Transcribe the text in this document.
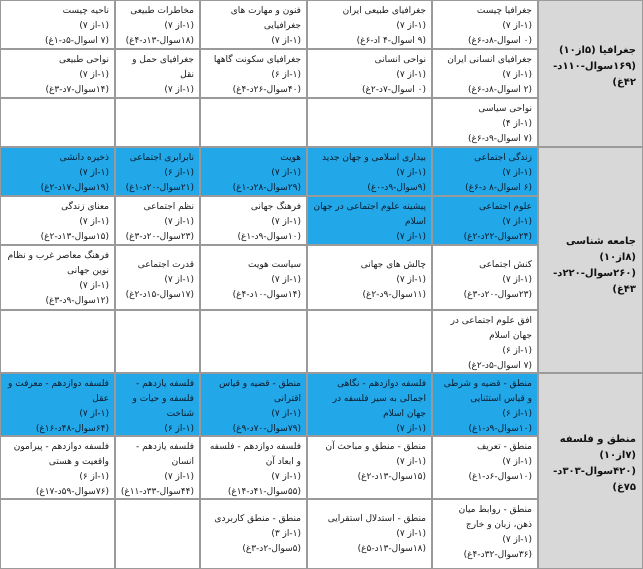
جغرافیا (۵از۱۰)
(۱۶۹سوال-۱۱۰د-
۴۲غ)
جامعه شناسی (۸از۱۰)
(۲۶۰سوال-۲۲۰د-
۴۳غ)
منطق و فلسفه (۷از۱۰)
(۴۲۰سوال-۳۰۳د-
۷۵غ)
جغرافیا چیست
(۱-از ۷)
(۰ اسوال-۸د-۶غ)
جغرافیای طبیعی ایران
(۱-از ۷)
(۹ اسوال-۴ اد-۶غ)
فنون و مهارت های جغرافیایی
(۱-از ۷)
مخاطرات طبیعی
(۱-از ۷)
(۱۸سوال-۱۳د-۴غ)
ناحیه چیست
(۱-از ۷)
(۷ اسوال-۵د-۱غ)
جغرافیای انسانی ایران
(۱-از ۷)
(۲ اسوال-۸د-۶غ)
نواحی انسانی
(۱-از ۷)
(۰ اسوال-۷د-۲غ)
جغرافیای سکونت گاهها
(۱-از ۶)
(۴۰سوال-۲۶د-۴غ)
جغرافیای حمل و نقل
(۱-از ۷)
نواحی طبیعی
(۱-از ۷)
(۱۴سوال-۷د-۳غ)
نواحی سیاسی
(۱-از ۴)
(۷ اسوال-۹د-۶غ)
زندگی اجتماعی
(۱-از ۷)
(۶ اسوال-۸ د-۶غ)
بیداری اسلامی و جهان جدید
(۱-از ۷)
(۹سوال-۹د-۰غ)
هویت
(۱-از ۷)
(۲۹سوال-۲۸د-۱غ)
نابرابری اجتماعی
(۱-از ۶)
(۲۱سوال-۲۰د-۱غ)
ذخیره دانشی
(۱-از ۷)
(۱۹سوال-۱۷د-۲غ)
علوم اجتماعی
(۱-از ۷)
(۲۴سوال-۲۲د-۲غ)
پیشینه علوم اجتماعی در جهان اسلام
(۱-از ۷)
فرهنگ جهانی
(۱-از ۷)
(۱۰سوال-۹د-۱غ)
نظم اجتماعی
(۱-از ۷)
(۲۳سوال-۲۰د-۳غ)
معنای زندگی
(۱-از ۷)
(۱۵سوال-۱۳د-۲غ)
کنش اجتماعی
(۱-از ۷)
(۲۳سوال-۲۰د-۳غ)
چالش های جهانی
(۱-از ۷)
(۱۱سوال-۹د-۲غ)
سیاست هویت
(۱-از ۷)
(۱۴سوال-۱۰د-۴غ)
قدرت اجتماعی
(۱-از ۷)
(۱۷سوال-۱۵د-۲غ)
فرهنگ معاصر غرب و نظام نوین جهانی
(۱-از ۷)
(۱۲سوال-۹د-۳غ)
افق علوم اجتماعی در جهان اسلام
(۱-از ۶)
(۷ اسوال-۵د-۲غ)
منطق - قضیه و شرطی و قیاس استثنایی
(۱-از ۶)
(۱۰سوال-۹د-۱غ)
فلسفه دوازدهم - نگاهی اجمالی به سیر فلسفه در جهان اسلام
(۱-از ۷)
منطق - قضیه و قیاس اقترانی
(۱-از ۷)
(۷۹سوال-۷۰د-۹غ)
فلسفه یازدهم - فلسفه و حیات و شناخت
(۱-از ۶)
فلسفه دوازدهم - معرفت و عقل
(۱-از ۷)
(۶۴سوال-۴۸د-۱۶غ)
منطق - تعریف
(۱-از ۷)
(۱۰سوال-۶د-۱غ)
منطق - منطق و مباحث آن
(۱-از ۷)
(۱۵سوال-۱۳د-۲غ)
فلسفه دوازدهم - فلسفه و ابعاد آن
(۱-از ۷)
(۵۵سوال-۴۱د-۱۴غ)
فلسفه یازدهم - انسان
(۱-از ۷)
(۴۴سوال-۳۳د-۱۱غ)
فلسفه دوازدهم - پیرامون واقعیت و هستی
(۱-از ۶)
(۷۶سوال-۵۹د-۱۷غ)
منطق - روابط میان ذهن، زبان و خارج
(۱-از ۷)
(۳۶سوال-۳۲د-۴غ)
منطق - استدلال استقرایی
(۱-از ۷)
(۱۸سوال-۱۳د-۵غ)
منطق - منطق کاربردی
(۱-از ۳)
(۵سوال-۲د-۳غ)
